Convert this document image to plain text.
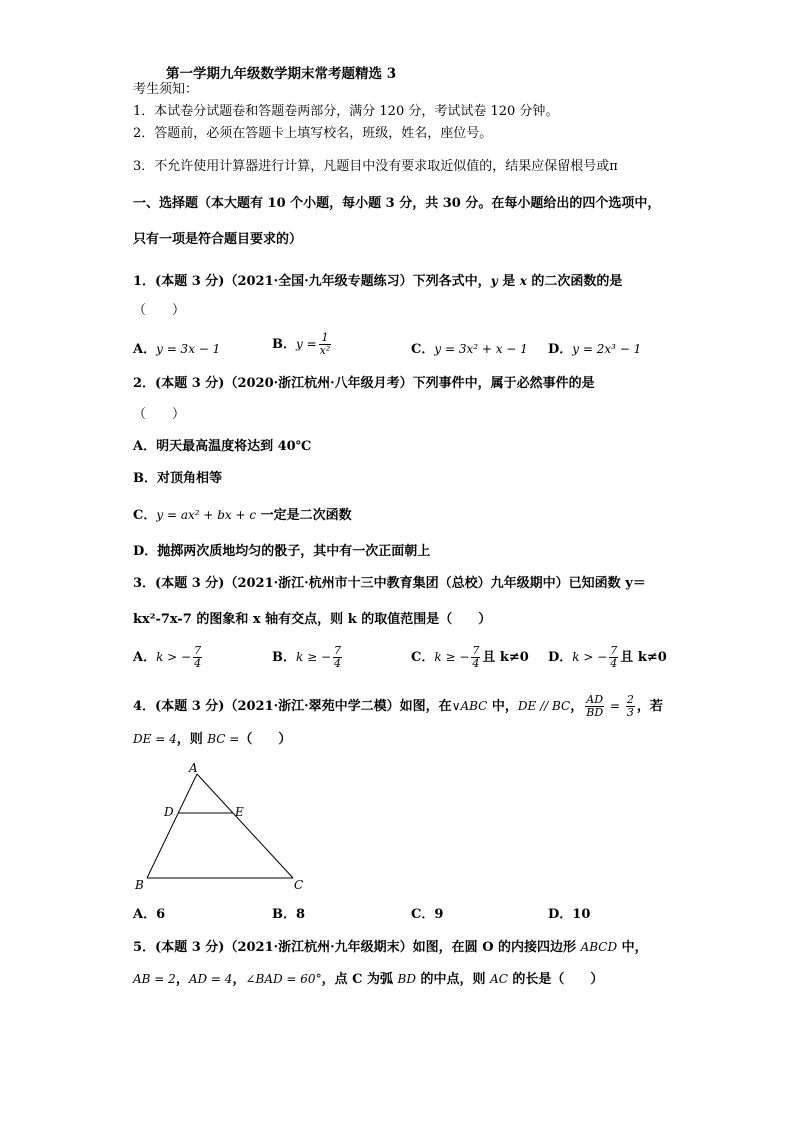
第一学期九年级数学期末常考题精选 3
考生须知：
1．本试卷分试题卷和答题卷两部分，满分 120 分，考试试卷 120 分钟。
2．答题前，必须在答题卡上填写校名，班级，姓名，座位号。
3．不允许使用计算器进行计算，凡题目中没有要求取近似值的，结果应保留根号或π
一、选择题（本大题有 10 个小题，每小题 3 分，共 30 分。在每小题给出的四个选项中，
只有一项是符合题目要求的）
1．(本题 3 分)（2021·全国·九年级专题练习）下列各式中，y 是 x 的二次函数的是
（　　）
A．y = 3x − 1	B．$y = \frac{1}{\text{x²}}$	C．y = 3x² + x − 1 D．y = 2x³ − 1
2．(本题 3 分)（2020·浙江杭州·八年级月考）下列事件中，属于必然事件的是
（　　）
A．明天最高温度将达到 40℃
B．对顶角相等
C．y = ax² + bx + c 一定是二次函数
D．抛掷两次质地均匀的骰子，其中有一次正面朝上
3．(本题 3 分)（2021·浙江·杭州市十三中教育集团（总校）九年级期中）已知函数 y＝
kx²-7x-7 的图象和 x 轴有交点，则 k 的取值范围是（　　）
A．k > − $\frac{7}{4}$	B．k ≥ − $\frac{7}{4}$	C．k ≥ − $\frac{7}{4}$ 且 k≠0 D．k > − $\frac{7}{4}$ 且 k≠0
4．(本题 3 分)（2021·浙江·翠苑中学二模）如图，在∨ABC 中，DE // BC， $\frac{AD}{BD} = \frac{2}{3}$ ，若
DE = 4，则 BC =（　　）
A
D	E
B	C
A．6	B．8	C．9	D．10
5．(本题 3 分)（2021·浙江杭州·九年级期末）如图，在圆 O 的内接四边形 ABCD 中，
AB = 2，AD = 4，∠BAD = 60°，点 C 为弧 BD 的中点，则 AC 的长是（　　）
